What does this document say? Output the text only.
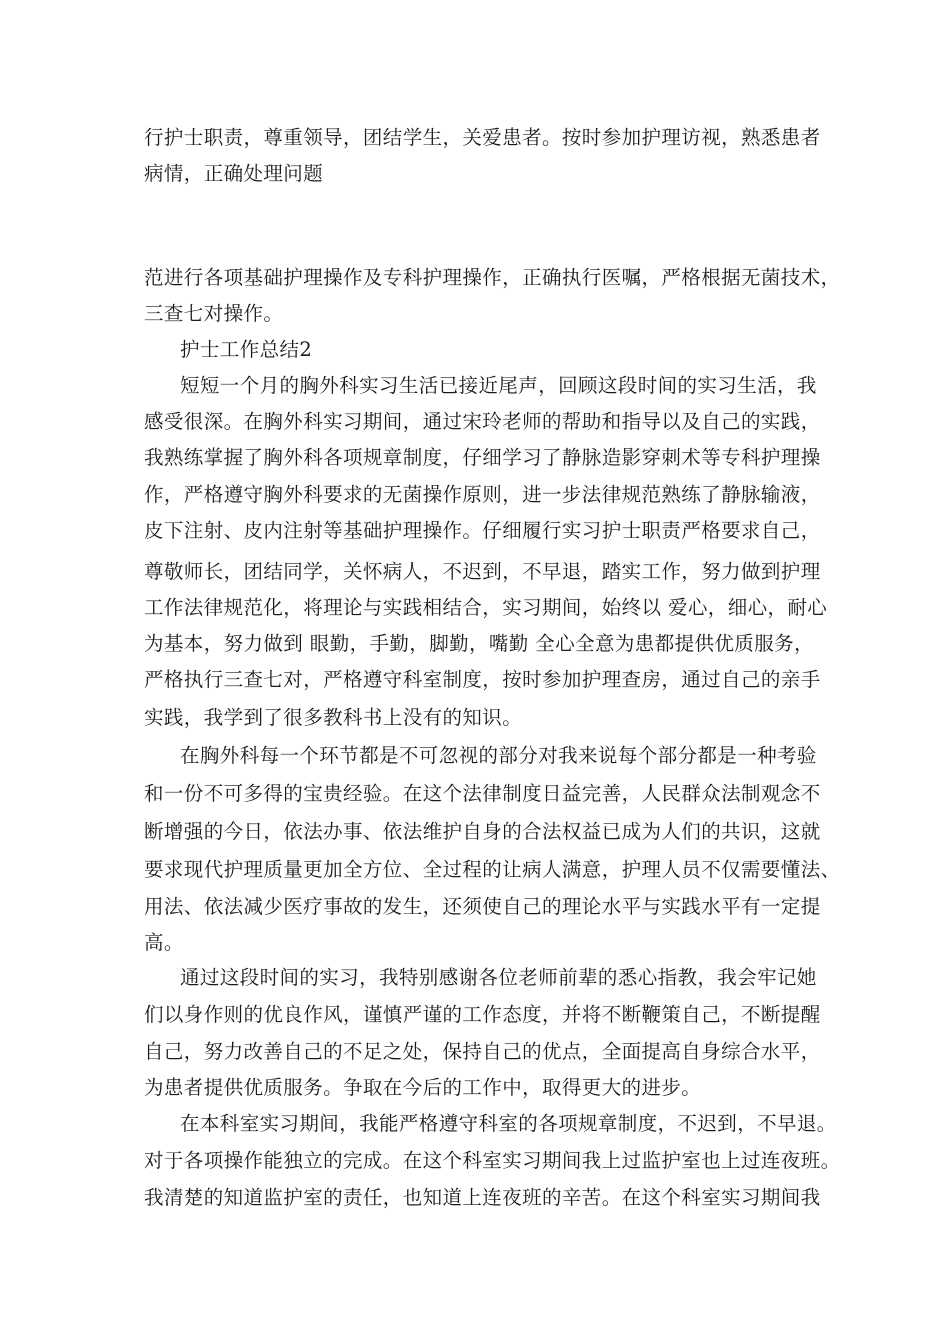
行护士职责，尊重领导，团结学生，关爱患者。按时参加护理访视，熟悉患者
病情，正确处理问题
范进行各项基础护理操作及专科护理操作，正确执行医嘱，严格根据无菌技术，
三查七对操作。
护士工作总结2
短短一个月的胸外科实习生活已接近尾声，回顾这段时间的实习生活，我
感受很深。在胸外科实习期间，通过宋玲老师的帮助和指导以及自己的实践，
我熟练掌握了胸外科各项规章制度，仔细学习了静脉造影穿刺术等专科护理操
作，严格遵守胸外科要求的无菌操作原则，进一步法律规范熟练了静脉输液，
皮下注射、皮内注射等基础护理操作。仔细履行实习护士职责严格要求自己，
尊敬师长，团结同学，关怀病人，不迟到，不早退，踏实工作，努力做到护理
工作法律规范化，将理论与实践相结合，实习期间，始终以 爱心，细心，耐心
为基本，努力做到 眼勤，手勤，脚勤，嘴勤 全心全意为患都提供优质服务，
严格执行三查七对，严格遵守科室制度，按时参加护理查房，通过自己的亲手
实践，我学到了很多教科书上没有的知识。
在胸外科每一个环节都是不可忽视的部分对我来说每个部分都是一种考验
和一份不可多得的宝贵经验。在这个法律制度日益完善，人民群众法制观念不
断增强的今日，依法办事、依法维护自身的合法权益已成为人们的共识，这就
要求现代护理质量更加全方位、全过程的让病人满意，护理人员不仅需要懂法、
用法、依法减少医疗事故的发生，还须使自己的理论水平与实践水平有一定提
高。
通过这段时间的实习，我特别感谢各位老师前辈的悉心指教，我会牢记她
们以身作则的优良作风，谨慎严谨的工作态度，并将不断鞭策自己，不断提醒
自己，努力改善自己的不足之处，保持自己的优点，全面提高自身综合水平，
为患者提供优质服务。争取在今后的工作中，取得更大的进步。
在本科室实习期间，我能严格遵守科室的各项规章制度，不迟到，不早退。
对于各项操作能独立的完成。在这个科室实习期间我上过监护室也上过连夜班。
我清楚的知道监护室的责任，也知道上连夜班的辛苦。在这个科室实习期间我
